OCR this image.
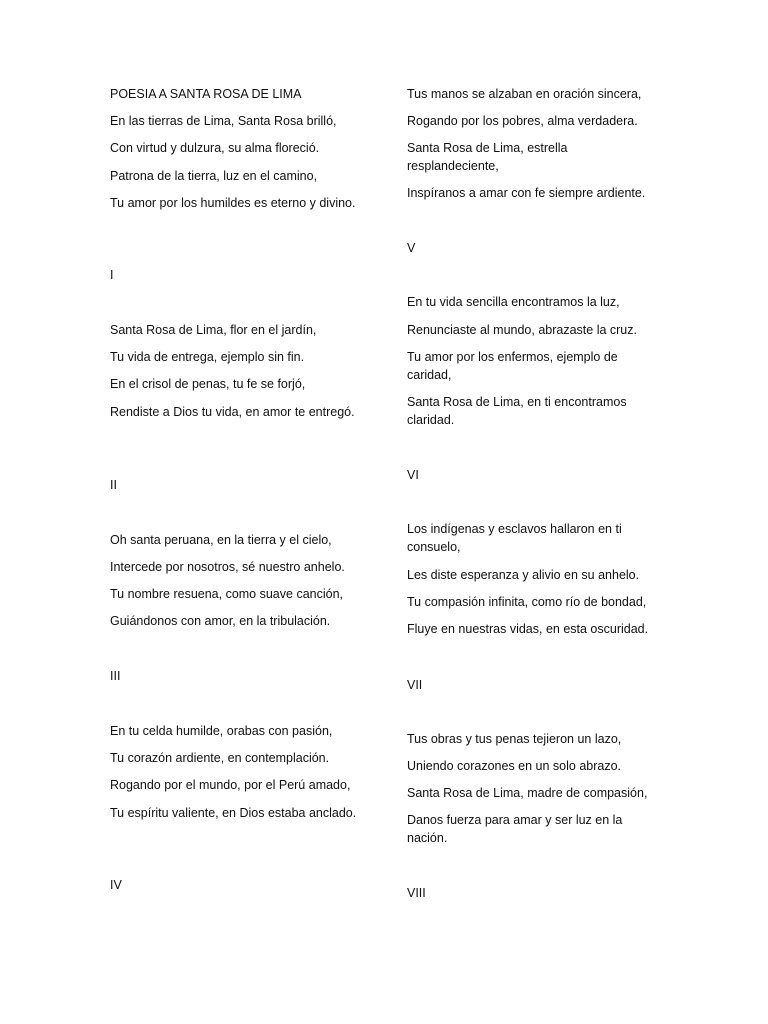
POESIA A SANTA ROSA DE LIMA
En las tierras de Lima, Santa Rosa brilló,
Con virtud y dulzura, su alma floreció.
Patrona de la tierra, luz en el camino,
Tu amor por los humildes es eterno y divino.
I
Santa Rosa de Lima, flor en el jardín,
Tu vida de entrega, ejemplo sin fin.
En el crisol de penas, tu fe se forjó,
Rendiste a Dios tu vida, en amor te entregó.
II
Oh santa peruana, en la tierra y el cielo,
Intercede por nosotros, sé nuestro anhelo.
Tu nombre resuena, como suave canción,
Guiándonos con amor, en la tribulación.
III
En tu celda humilde, orabas con pasión,
Tu corazón ardiente, en contemplación.
Rogando por el mundo, por el Perú amado,
Tu espíritu valiente, en Dios estaba anclado.
IV
Tus manos se alzaban en oración sincera,
Rogando por los pobres, alma verdadera.
Santa Rosa de Lima, estrella resplandeciente,
Inspíranos a amar con fe siempre ardiente.
V
En tu vida sencilla encontramos la luz,
Renunciaste al mundo, abrazaste la cruz.
Tu amor por los enfermos, ejemplo de caridad,
Santa Rosa de Lima, en ti encontramos claridad.
VI
Los indígenas y esclavos hallaron en ti consuelo,
Les diste esperanza y alivio en su anhelo.
Tu compasión infinita, como río de bondad,
Fluye en nuestras vidas, en esta oscuridad.
VII
Tus obras y tus penas tejieron un lazo,
Uniendo corazones en un solo abrazo.
Santa Rosa de Lima, madre de compasión,
Danos fuerza para amar y ser luz en la nación.
VIII
